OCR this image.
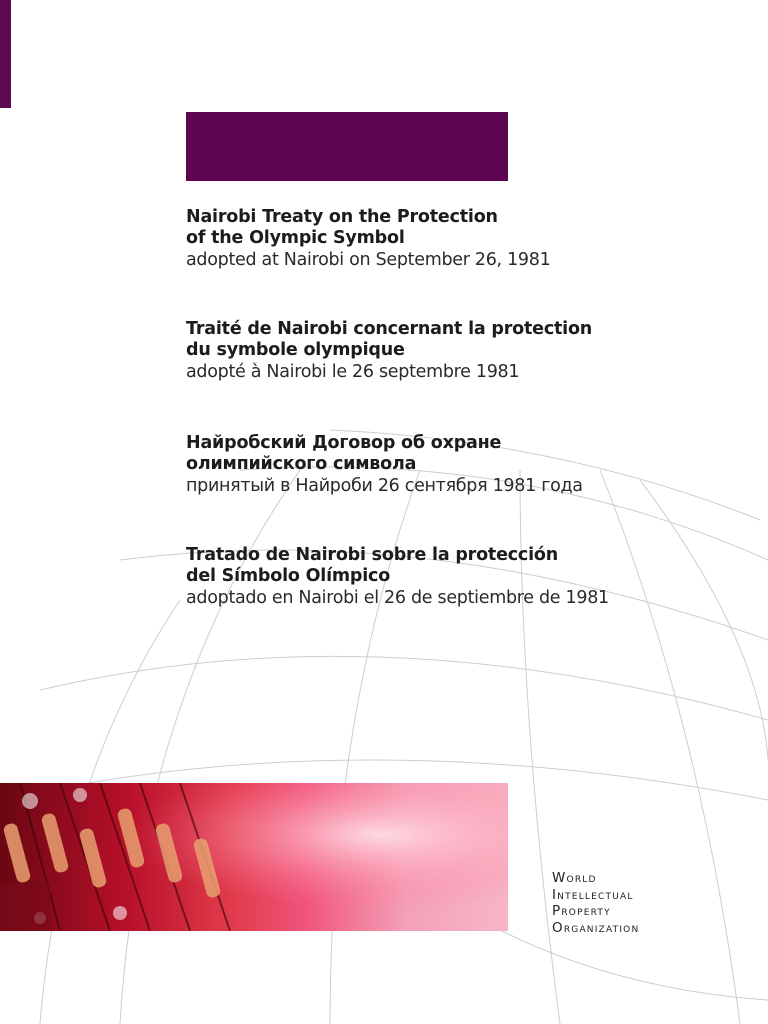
Nairobi Treaty on the Protection
of the Olympic Symbol
adopted at Nairobi on September 26, 1981
Traité de Nairobi concernant la protection
du symbole olympique
adopté à Nairobi le 26 septembre 1981
Найробский Договор об охране
олимпийского символа
принятый в Найроби 26 сентября 1981 года
Tratado de Nairobi sobre la protección
del Símbolo Olímpico
adoptado en Nairobi el 26 de septiembre de 1981
World
Intellectual
Property
Organization
